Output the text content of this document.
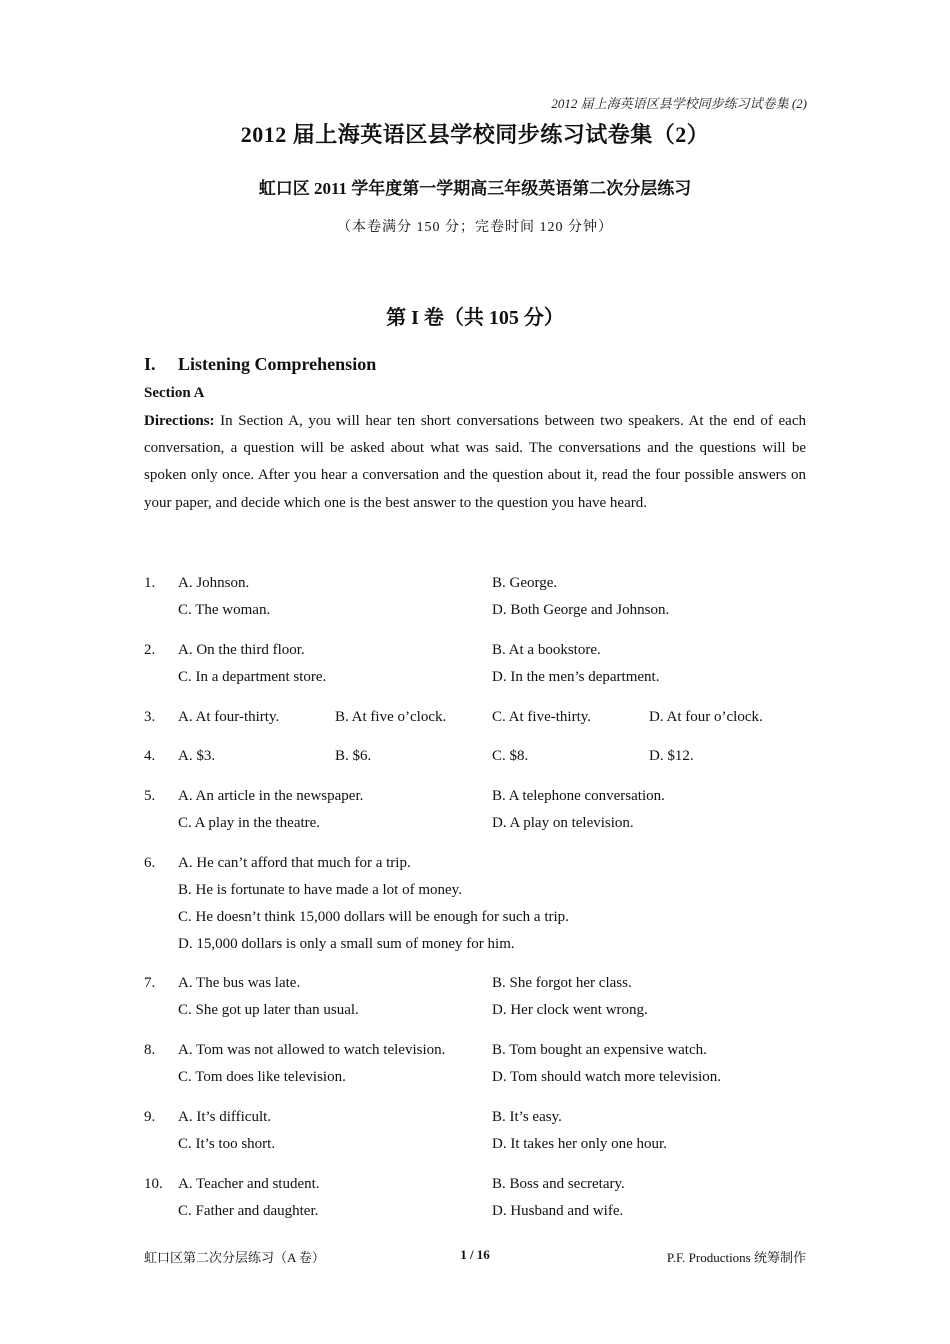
2012 届上海英语区县学校同步练习试卷集 (2)
2012 届上海英语区县学校同步练习试卷集（2）
虹口区 2011 学年度第一学期高三年级英语第二次分层练习
（本卷满分 150 分；完卷时间 120 分钟）
第 I 卷（共 105 分）
I. Listening Comprehension
Section A
Directions: In Section A, you will hear ten short conversations between two speakers. At the end of each conversation, a question will be asked about what was said. The conversations and the questions will be spoken only once. After you hear a conversation and the question about it, read the four possible answers on your paper, and decide which one is the best answer to the question you have heard.
1. A. Johnson.	B. George.
C. The woman.	D. Both George and Johnson.
2. A. On the third floor.	B. At a bookstore.
C. In a department store.	D. In the men’s department.
3. A. At four-thirty.	B. At five o’clock.	C. At five-thirty.	D. At four o’clock.
4. A. $3.	B. $6.	C. $8.	D. $12.
5. A. An article in the newspaper.	B. A telephone conversation.
C. A play in the theatre.	D. A play on television.
6. A. He can’t afford that much for a trip.
B. He is fortunate to have made a lot of money.
C. He doesn’t think 15,000 dollars will be enough for such a trip.
D. 15,000 dollars is only a small sum of money for him.
7. A. The bus was late.	B. She forgot her class.
C. She got up later than usual.	D. Her clock went wrong.
8. A. Tom was not allowed to watch television.	B. Tom bought an expensive watch.
C. Tom does like television.	D. Tom should watch more television.
9. A. It’s difficult.	B. It’s easy.
C. It’s too short.	D. It takes her only one hour.
10. A. Teacher and student.	B. Boss and secretary.
C. Father and daughter.	D. Husband and wife.
虹口区第二次分层练习（A 卷）	1 / 16	P.F. Productions 统筹制作
